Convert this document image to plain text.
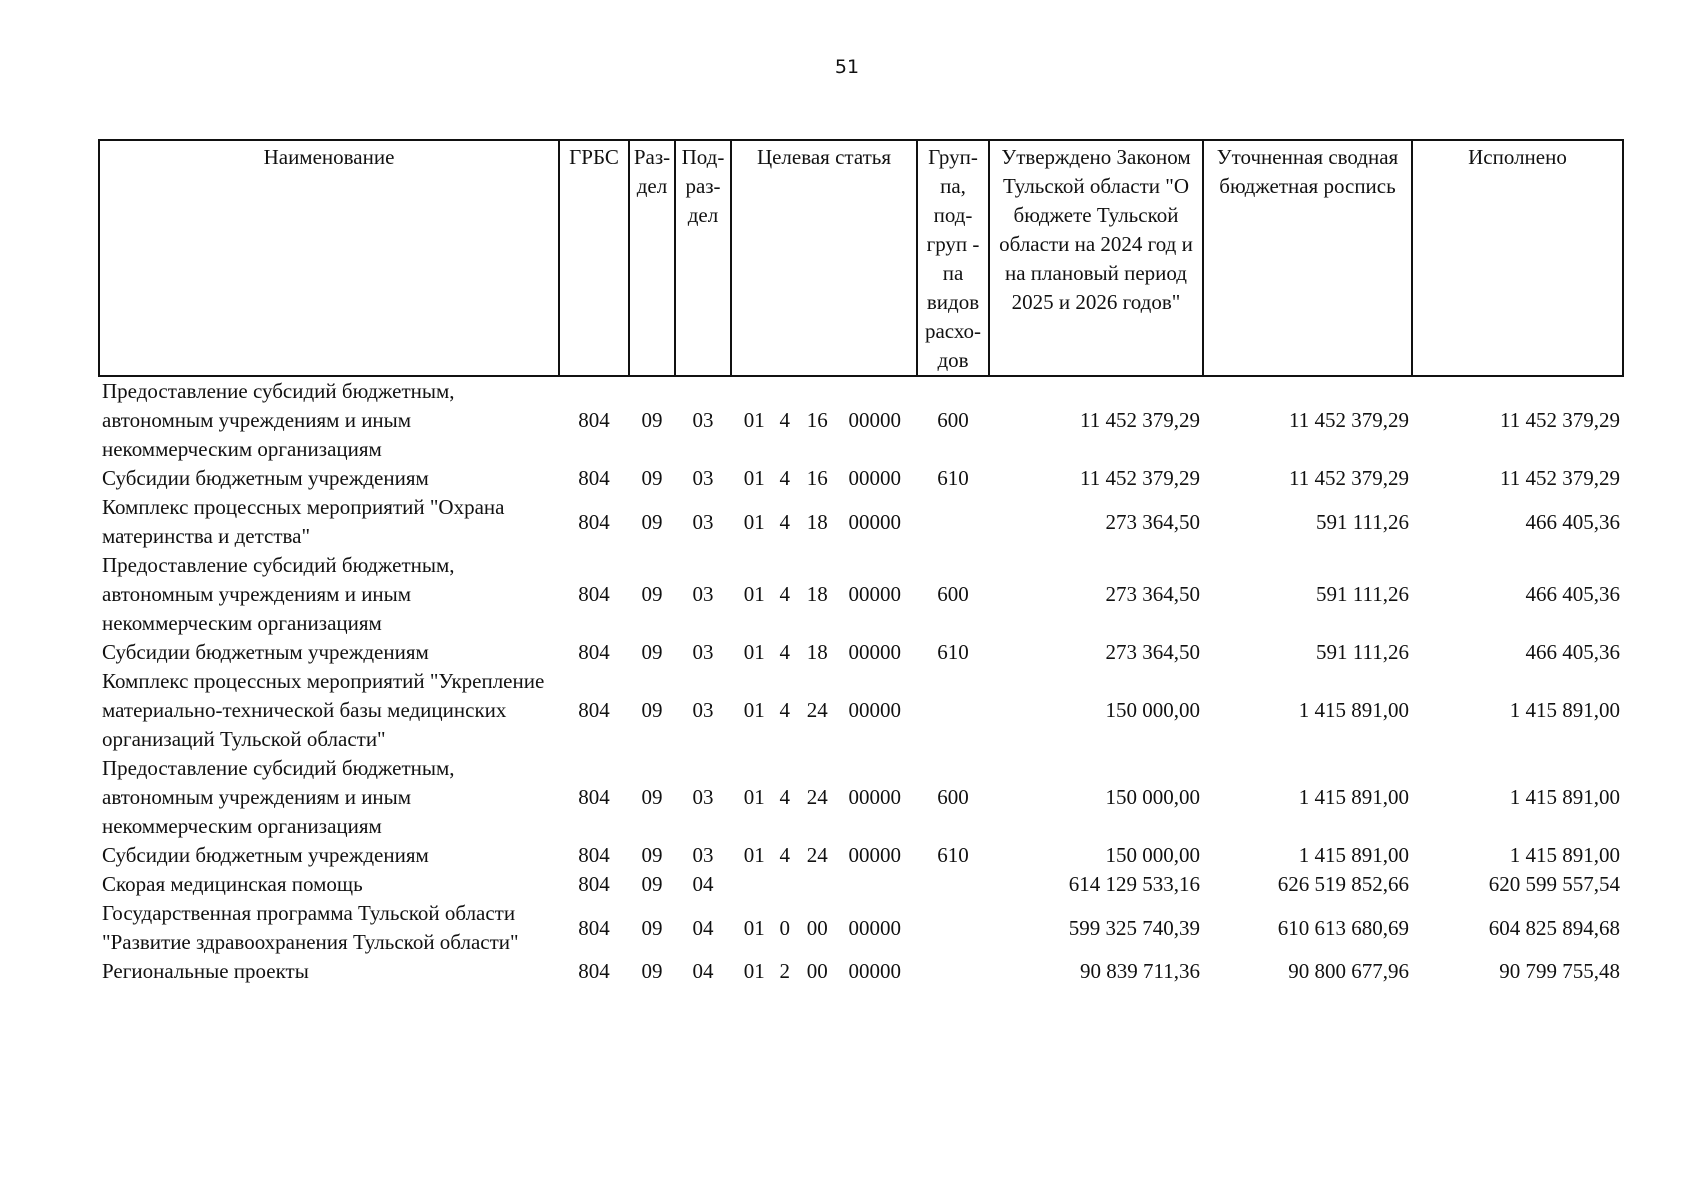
51
Наименование	ГРБС	Раз- дел	Под- раз- дел	Целевая статья	Груп- па, под- груп - па видов расхо- дов	Утверждено Законом Тульской области "О бюджете Тульской области на 2024 год и на плановый период 2025 и 2026 годов"	Уточненная сводная бюджетная роспись	Исполнено
Предоставление субсидий бюджетным, автономным учреждениям и иным некоммерческим организациям	804	09	03	01 4 16 00000	600	11 452 379,29	11 452 379,29	11 452 379,29
Субсидии бюджетным учреждениям	804	09	03	01 4 16 00000	610	11 452 379,29	11 452 379,29	11 452 379,29
Комплекс процессных мероприятий "Охрана материнства и детства"	804	09	03	01 4 18 00000		273 364,50	591 111,26	466 405,36
Предоставление субсидий бюджетным, автономным учреждениям и иным некоммерческим организациям	804	09	03	01 4 18 00000	600	273 364,50	591 111,26	466 405,36
Субсидии бюджетным учреждениям	804	09	03	01 4 18 00000	610	273 364,50	591 111,26	466 405,36
Комплекс процессных мероприятий "Укрепление материально-технической базы медицинских организаций Тульской области"	804	09	03	01 4 24 00000		150 000,00	1 415 891,00	1 415 891,00
Предоставление субсидий бюджетным, автономным учреждениям и иным некоммерческим организациям	804	09	03	01 4 24 00000	600	150 000,00	1 415 891,00	1 415 891,00
Субсидии бюджетным учреждениям	804	09	03	01 4 24 00000	610	150 000,00	1 415 891,00	1 415 891,00
Скорая медицинская помощь	804	09	04			614 129 533,16	626 519 852,66	620 599 557,54
Государственная программа Тульской области "Развитие здравоохранения Тульской области"	804	09	04	01 0 00 00000		599 325 740,39	610 613 680,69	604 825 894,68
Региональные проекты	804	09	04	01 2 00 00000		90 839 711,36	90 800 677,96	90 799 755,48
